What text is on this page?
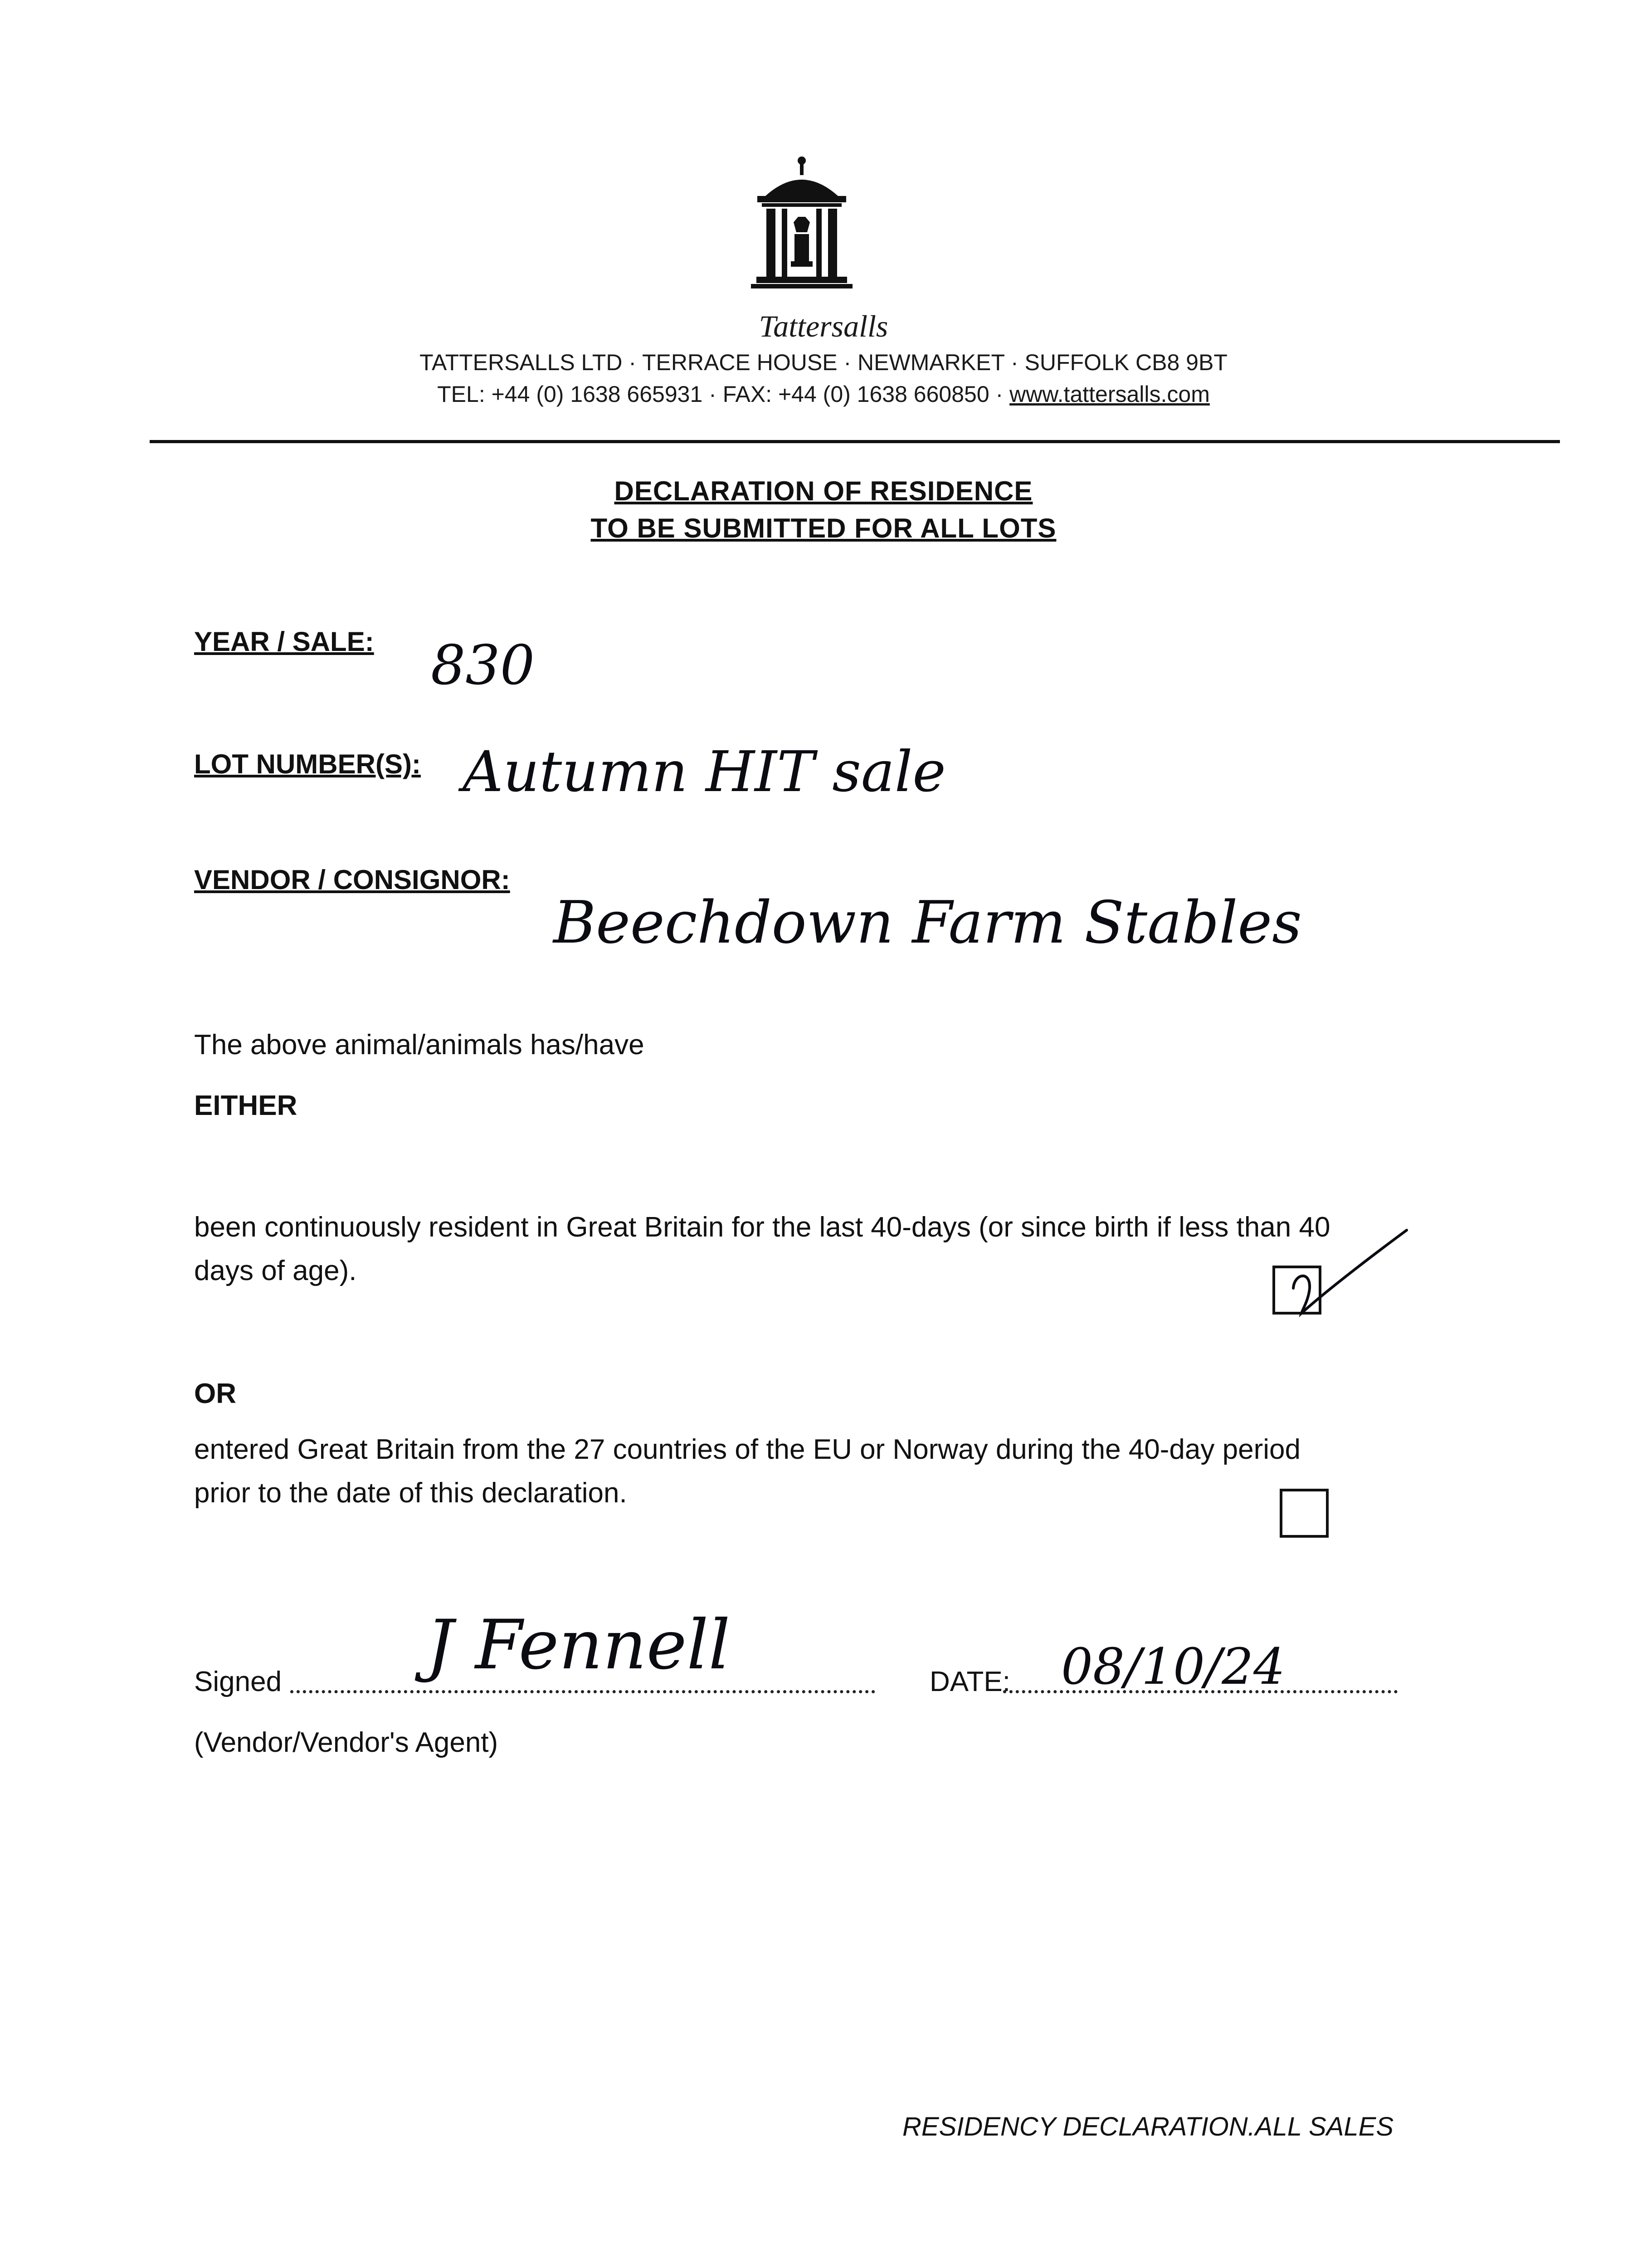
Tattersalls
TATTERSALLS LTD · TERRACE HOUSE · NEWMARKET · SUFFOLK CB8 9BT
TEL: +44 (0) 1638 665931 · FAX: +44 (0) 1638 660850 · www.tattersalls.com
DECLARATION OF RESIDENCE
TO BE SUBMITTED FOR ALL LOTS
YEAR / SALE: 830
LOT NUMBER(S): Autumn HIT sale
VENDOR / CONSIGNOR:
Beechdown Farm Stables
The above animal/animals has/have
EITHER
been continuously resident in Great Britain for the last 40-days (or since birth if less than 40
days of age).
OR
entered Great Britain from the 27 countries of the EU or Norway during the 40-day period
prior to the date of this declaration.
Signed J Fennell	DATE: 08/10/24
(Vendor/Vendor's Agent)
RESIDENCY DECLARATION.ALL SALES
